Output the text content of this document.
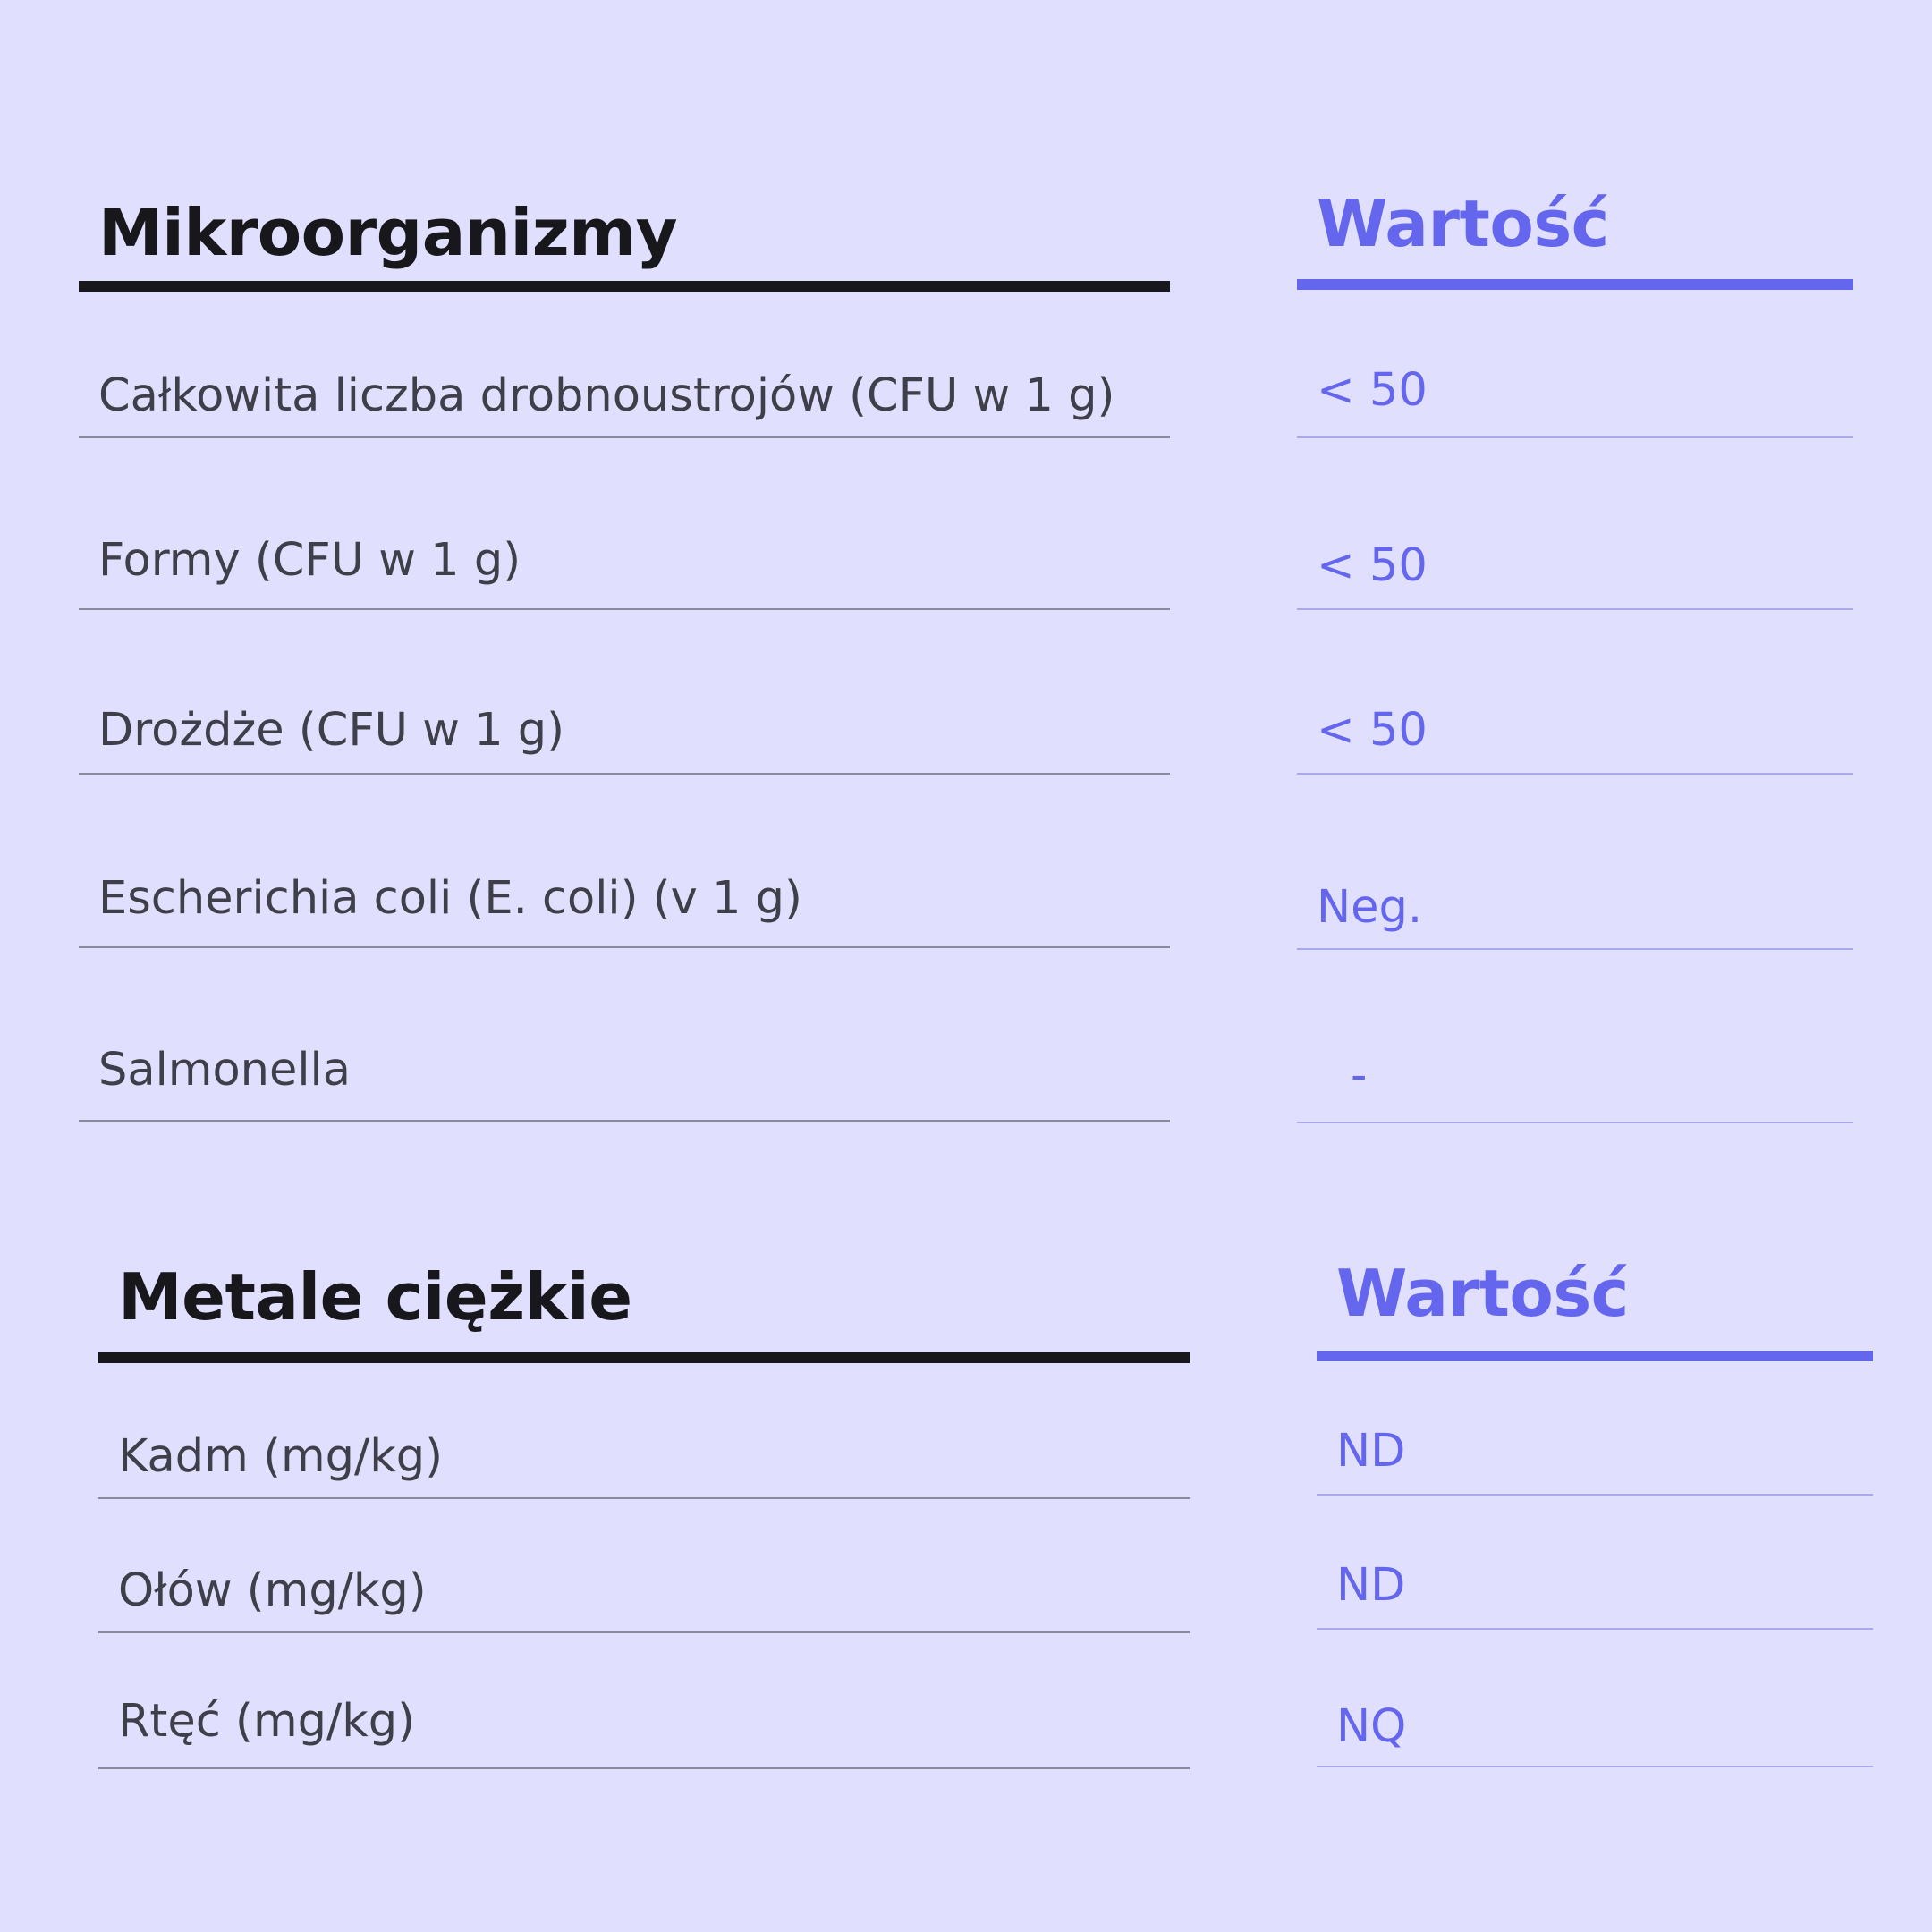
Mikroorganizmy	Wartość
Całkowita liczba drobnoustrojów (CFU w 1 g)	< 50
Formy (CFU w 1 g)	< 50
Drożdże (CFU w 1 g)	< 50
Escherichia coli (E. coli) (v 1 g)	Neg.
Salmonella	-
Metale ciężkie	Wartość
Kadm (mg/kg)	ND
Ołów (mg/kg)	ND
Rtęć (mg/kg)	NQ
